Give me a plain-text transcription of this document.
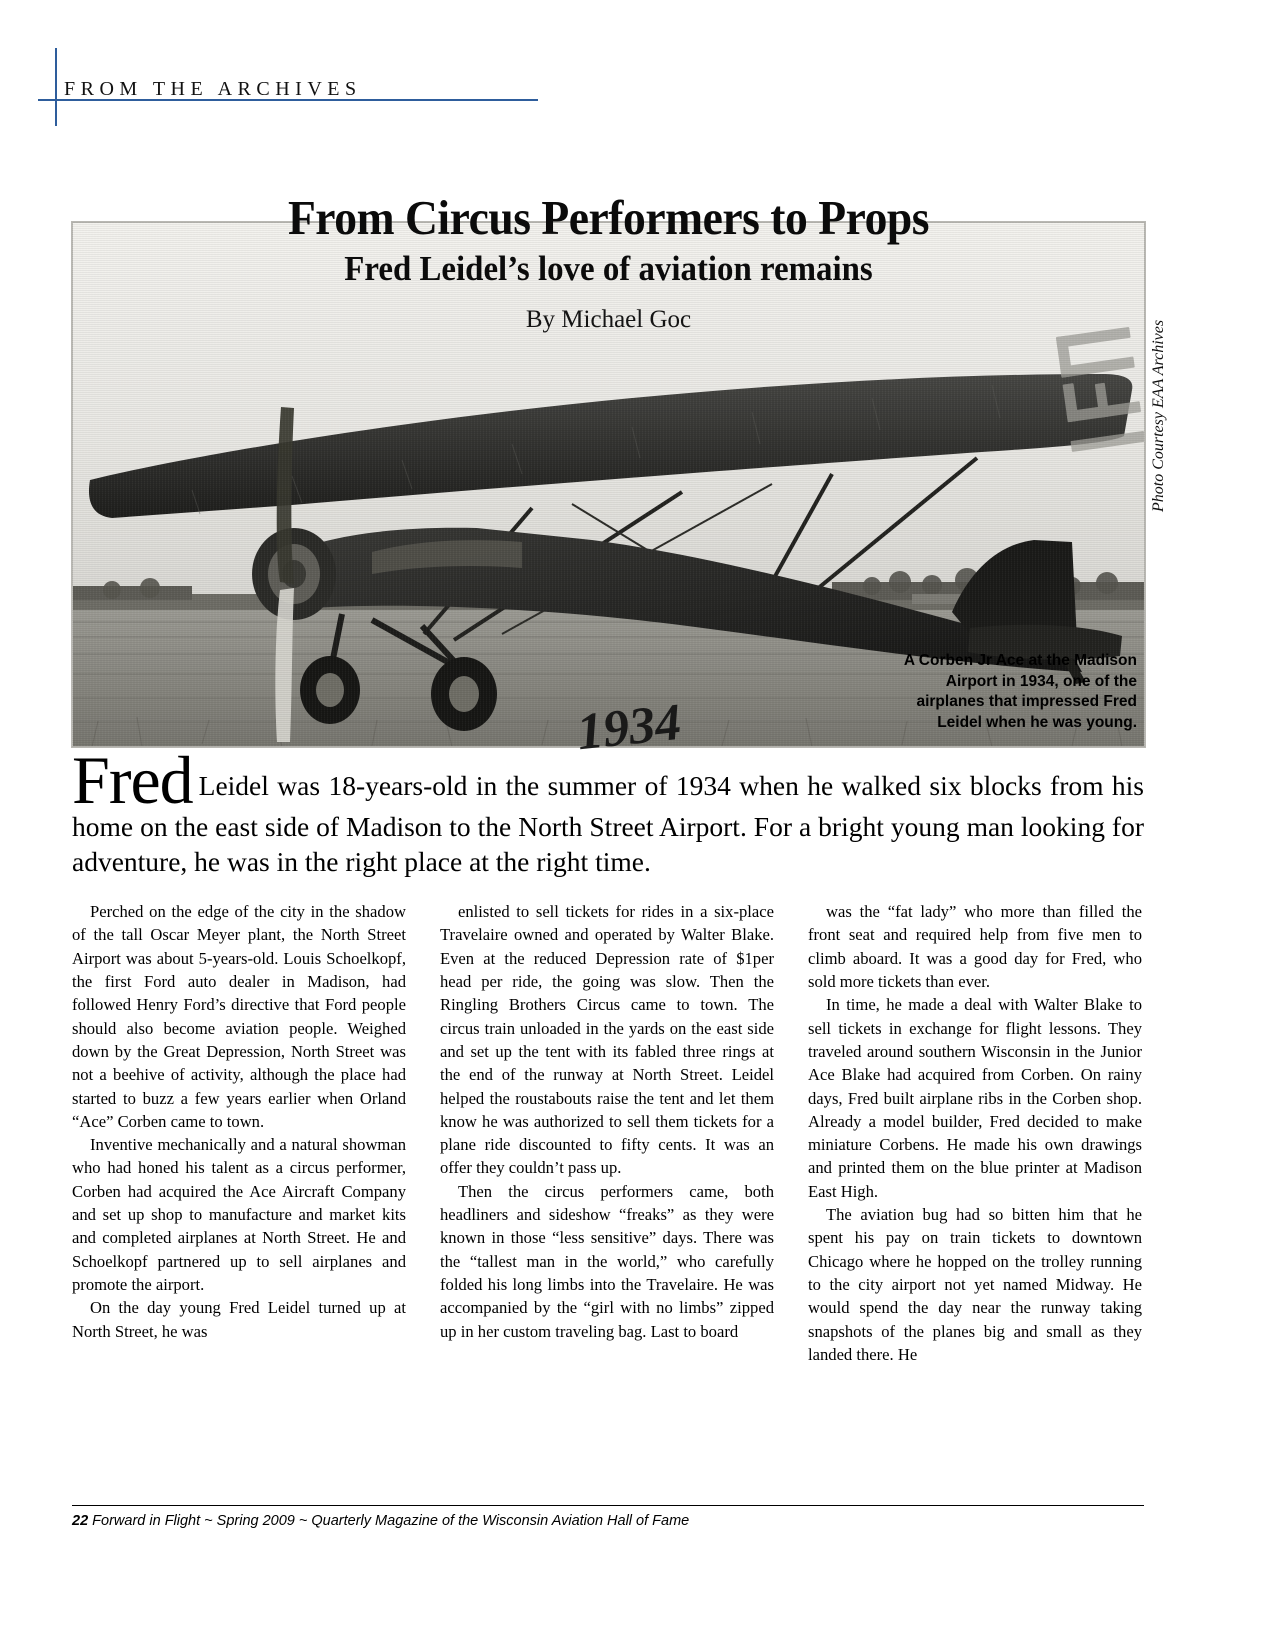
FROM THE ARCHIVES
From Circus Performers to Props
Fred Leidel’s love of aviation remains
By Michael Goc
A Corben Jr Ace at the Madison Airport in 1934, one of the airplanes that impressed Fred Leidel when he was young.
1934
Photo Courtesy EAA Archives
Fred Leidel was 18-years-old in the summer of 1934 when he walked six blocks from his home on the east side of Madison to the North Street Airport. For a bright young man looking for adventure, he was in the right place at the right time.

Perched on the edge of the city in the shadow of the tall Oscar Meyer plant, the North Street Airport was about 5-years-old. Louis Schoelkopf, the first Ford auto dealer in Madison, had followed Henry Ford’s directive that Ford people should also become aviation people. Weighed down by the Great Depression, North Street was not a beehive of activity, although the place had started to buzz a few years earlier when Orland “Ace” Corben came to town.

Inventive mechanically and a natural showman who had honed his talent as a circus performer, Corben had acquired the Ace Aircraft Company and set up shop to manufacture and market kits and completed airplanes at North Street. He and Schoelkopf partnered up to sell airplanes and promote the airport.

On the day young Fred Leidel turned up at North Street, he was

enlisted to sell tickets for rides in a six-place Travelaire owned and operated by Walter Blake. Even at the reduced Depression rate of $1per head per ride, the going was slow. Then the Ringling Brothers Circus came to town. The circus train unloaded in the yards on the east side and set up the tent with its fabled three rings at the end of the runway at North Street. Leidel helped the roustabouts raise the tent and let them know he was authorized to sell them tickets for a plane ride discounted to fifty cents. It was an offer they couldn’t pass up.

Then the circus performers came, both headliners and sideshow “freaks” as they were known in those “less sensitive” days. There was the “tallest man in the world,” who carefully folded his long limbs into the Travelaire. He was accompanied by the “girl with no limbs” zipped up in her custom traveling bag. Last to board

was the “fat lady” who more than filled the front seat and required help from five men to climb aboard. It was a good day for Fred, who sold more tickets than ever.

In time, he made a deal with Walter Blake to sell tickets in exchange for flight lessons. They traveled around southern Wisconsin in the Junior Ace Blake had acquired from Corben. On rainy days, Fred built airplane ribs in the Corben shop. Already a model builder, Fred decided to make miniature Corbens. He made his own drawings and printed them on the blue printer at Madison East High.

The aviation bug had so bitten him that he spent his pay on train tickets to downtown Chicago where he hopped on the trolley running to the city airport not yet named Midway. He would spend the day near the runway taking snapshots of the planes big and small as they landed there. He

22 Forward in Flight ~ Spring 2009 ~ Quarterly Magazine of the Wisconsin Aviation Hall of Fame
